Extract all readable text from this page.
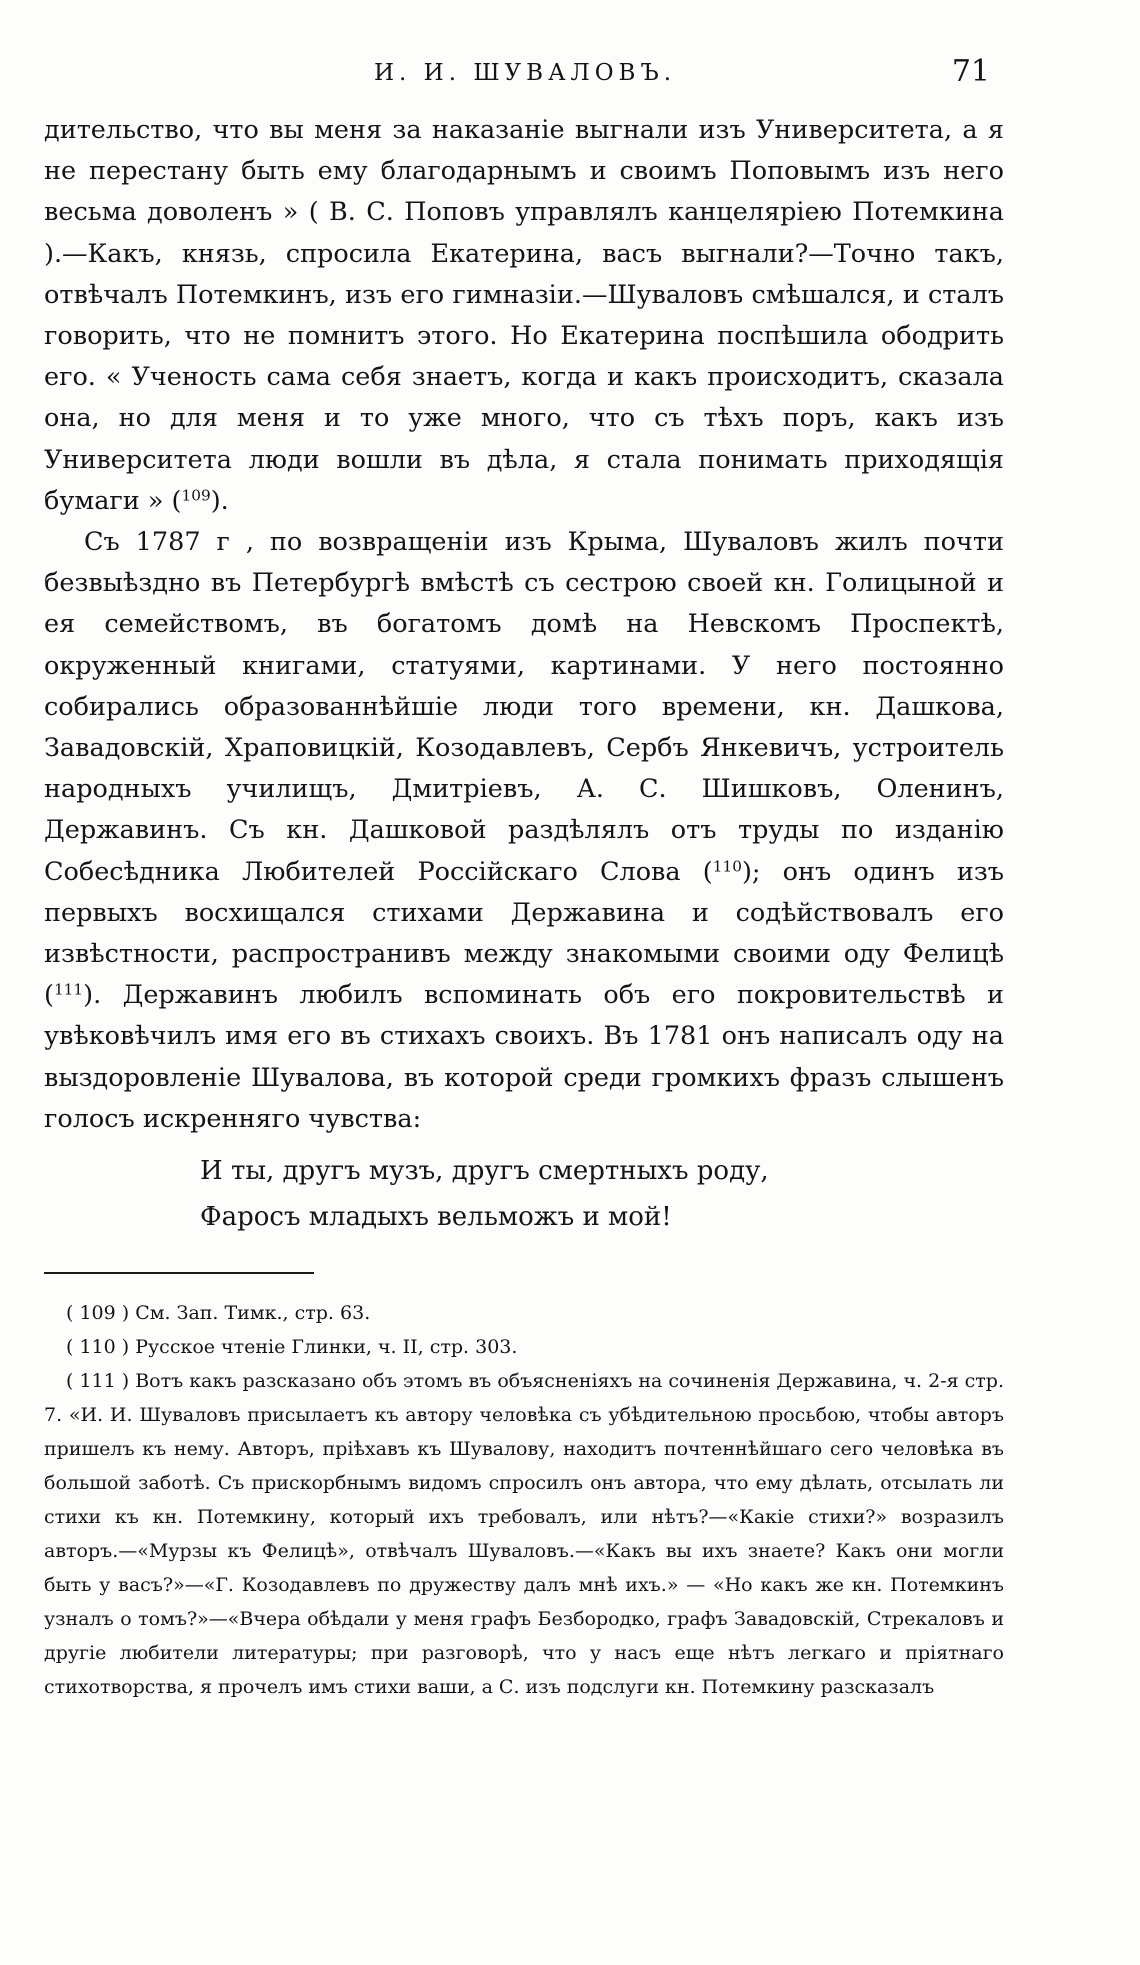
И. И. ШУВАЛОВЪ.	71

дительство, что вы меня за наказаніе выгнали изъ Университета, а я не перестану быть ему благодарнымъ и своимъ Поповымъ изъ него весьма доволенъ » ( В. С. Поповъ управлялъ канцеляріею Потемкина ).—Какъ, князь, спросила Екатерина, васъ выгнали?—Точно такъ, отвѣчалъ Потемкинъ, изъ его гимназіи.—Шуваловъ смѣшался, и сталъ говорить, что не помнитъ этого. Но Екатерина поспѣшила ободрить его. « Ученость сама себя знаетъ, когда и какъ происходитъ, сказала она, но для меня и то уже много, что съ тѣхъ поръ, какъ изъ Университета люди вошли въ дѣла, я стала понимать приходящія бумаги » ($^{109}$).

Съ 1787 г , по возвращеніи изъ Крыма, Шуваловъ жилъ почти безвыѣздно въ Петербургѣ вмѣстѣ съ сестрою своей кн. Голицыной и ея семействомъ, въ богатомъ домѣ на Невскомъ Проспектѣ, окруженный книгами, статуями, картинами. У него постоянно собирались образованнѣйшіе люди того времени, кн. Дашкова, Завадовскій, Храповицкій, Козодавлевъ, Сербъ Янкевичъ, устроитель народныхъ училищъ, Дмитріевъ, А. С. Шишковъ, Оленинъ, Державинъ. Съ кн. Дашковой раздѣлялъ отъ труды по изданію Собесѣдника Любителей Россійскаго Слова ($^{110}$); онъ одинъ изъ первыхъ восхищался стихами Державина и содѣйствовалъ его извѣстности, распространивъ между знакомыми своими оду Фелицѣ ($^{111}$). Державинъ любилъ вспоминать объ его покровительствѣ и увѣковѣчилъ имя его въ стихахъ своихъ. Въ 1781 онъ написалъ оду на выздоровленіе Шувалова, въ которой среди громкихъ фразъ слышенъ голосъ искренняго чувства:

И ты, другъ музъ, другъ смертныхъ роду,
Фаросъ младыхъ вельможъ и мой!

( 109 ) См. Зап. Тимк., стр. 63.

( 110 ) Русское чтеніе Глинки, ч. II, стр. 303.

( 111 ) Вотъ какъ разсказано объ этомъ въ объясненіяхъ на сочиненія Державина, ч. 2-я стр. 7. «И. И. Шуваловъ присылаетъ къ автору человѣка съ убѣдительною просьбою, чтобы авторъ пришелъ къ нему. Авторъ, пріѣхавъ къ Шувалову, находитъ почтеннѣйшаго сего человѣка въ большой заботѣ. Съ прискорбнымъ видомъ спросилъ онъ автора, что ему дѣлать, отсылать ли стихи къ кн. Потемкину, который ихъ требовалъ, или нѣтъ?—«Какіе стихи?» возразилъ авторъ.—«Мурзы къ Фелицѣ», отвѣчалъ Шуваловъ.—«Какъ вы ихъ знаете? Какъ они могли быть у васъ?»—«Г. Козодавлевъ по дружеству далъ мнѣ ихъ.» — «Но какъ же кн. Потемкинъ узналъ о томъ?»—«Вчера обѣдали у меня графъ Безбородко, графъ Завадовскій, Стрекаловъ и другіе любители литературы; при разговорѣ, что у насъ еще нѣтъ легкаго и пріятнаго стихотворства, я прочелъ имъ стихи ваши, а С. изъ подслуги кн. Потемкину разсказалъ
